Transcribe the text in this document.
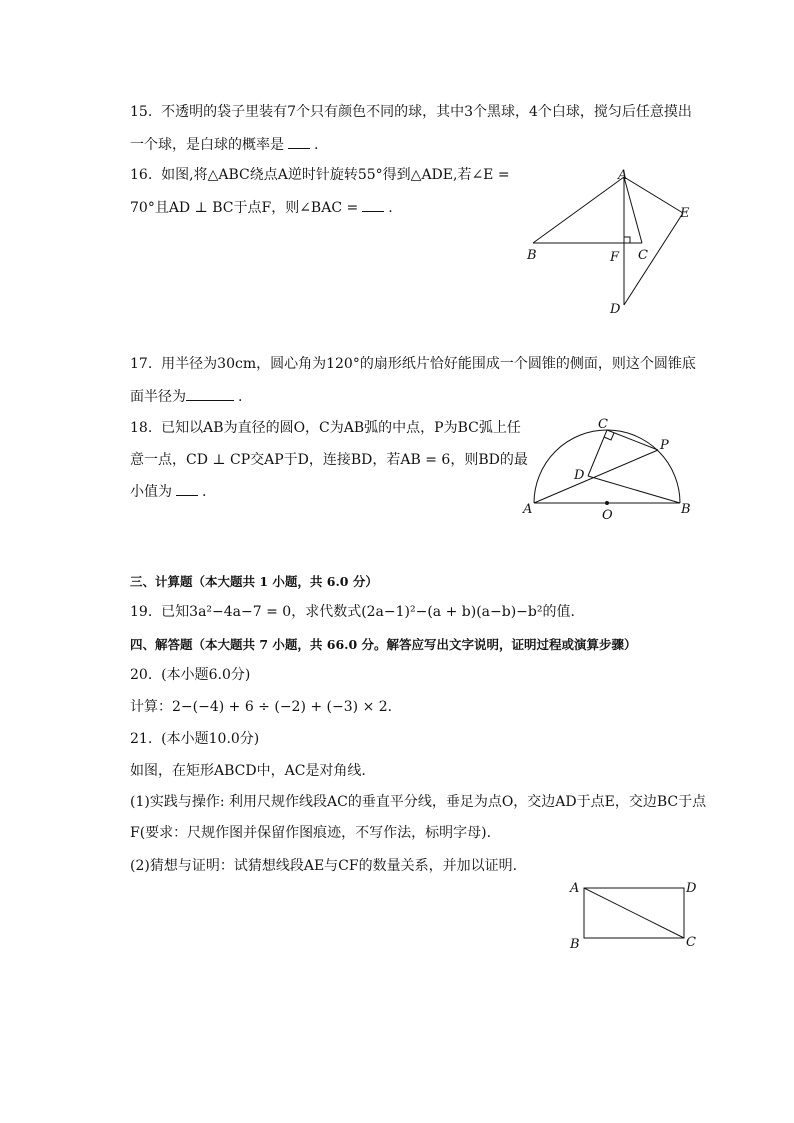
15.  不透明的袋子里装有7个只有颜色不同的球，其中3个黑球，4个白球，搅匀后任意摸出
一个球，是白球的概率是 .
16.  如图,将△ABC绕点A逆时针旋转55°得到△ADE,若∠E =
70°且AD ⊥ BC于点F，则∠BAC = .
A
B	F C
E
D
17.  用半径为30cm，圆心角为120°的扇形纸片恰好能围成一个圆锥的侧面，则这个圆锥底
面半径为	.
18.  已知以AB为直径的圆O，C为AB弧的中点，P为BC弧上任
意一点，CD ⊥ CP交AP于D，连接BD，若AB = 6，则BD的最
小值为 .
C
P
D
A	O	B
三、计算题（本大题共 1 小题，共 6.0 分）
19.  已知3a²−4a−7 = 0，求代数式(2a−1)²−(a + b)(a−b)−b²的值.
四、解答题（本大题共 7 小题，共 66.0 分。解答应写出文字说明，证明过程或演算步骤）
20.  (本小题6.0分)
计算：2−(−4) + 6 ÷ (−2) + (−3) × 2.
21.  (本小题10.0分)
如图，在矩形ABCD中，AC是对角线.
(1)实践与操作: 利用尺规作线段AC的垂直平分线，垂足为点O，交边AD于点E，交边BC于点
F(要求：尺规作图并保留作图痕迹，不写作法，标明字母).
(2)猜想与证明：试猜想线段AE与CF的数量关系，并加以证明.
A	D
B	C
